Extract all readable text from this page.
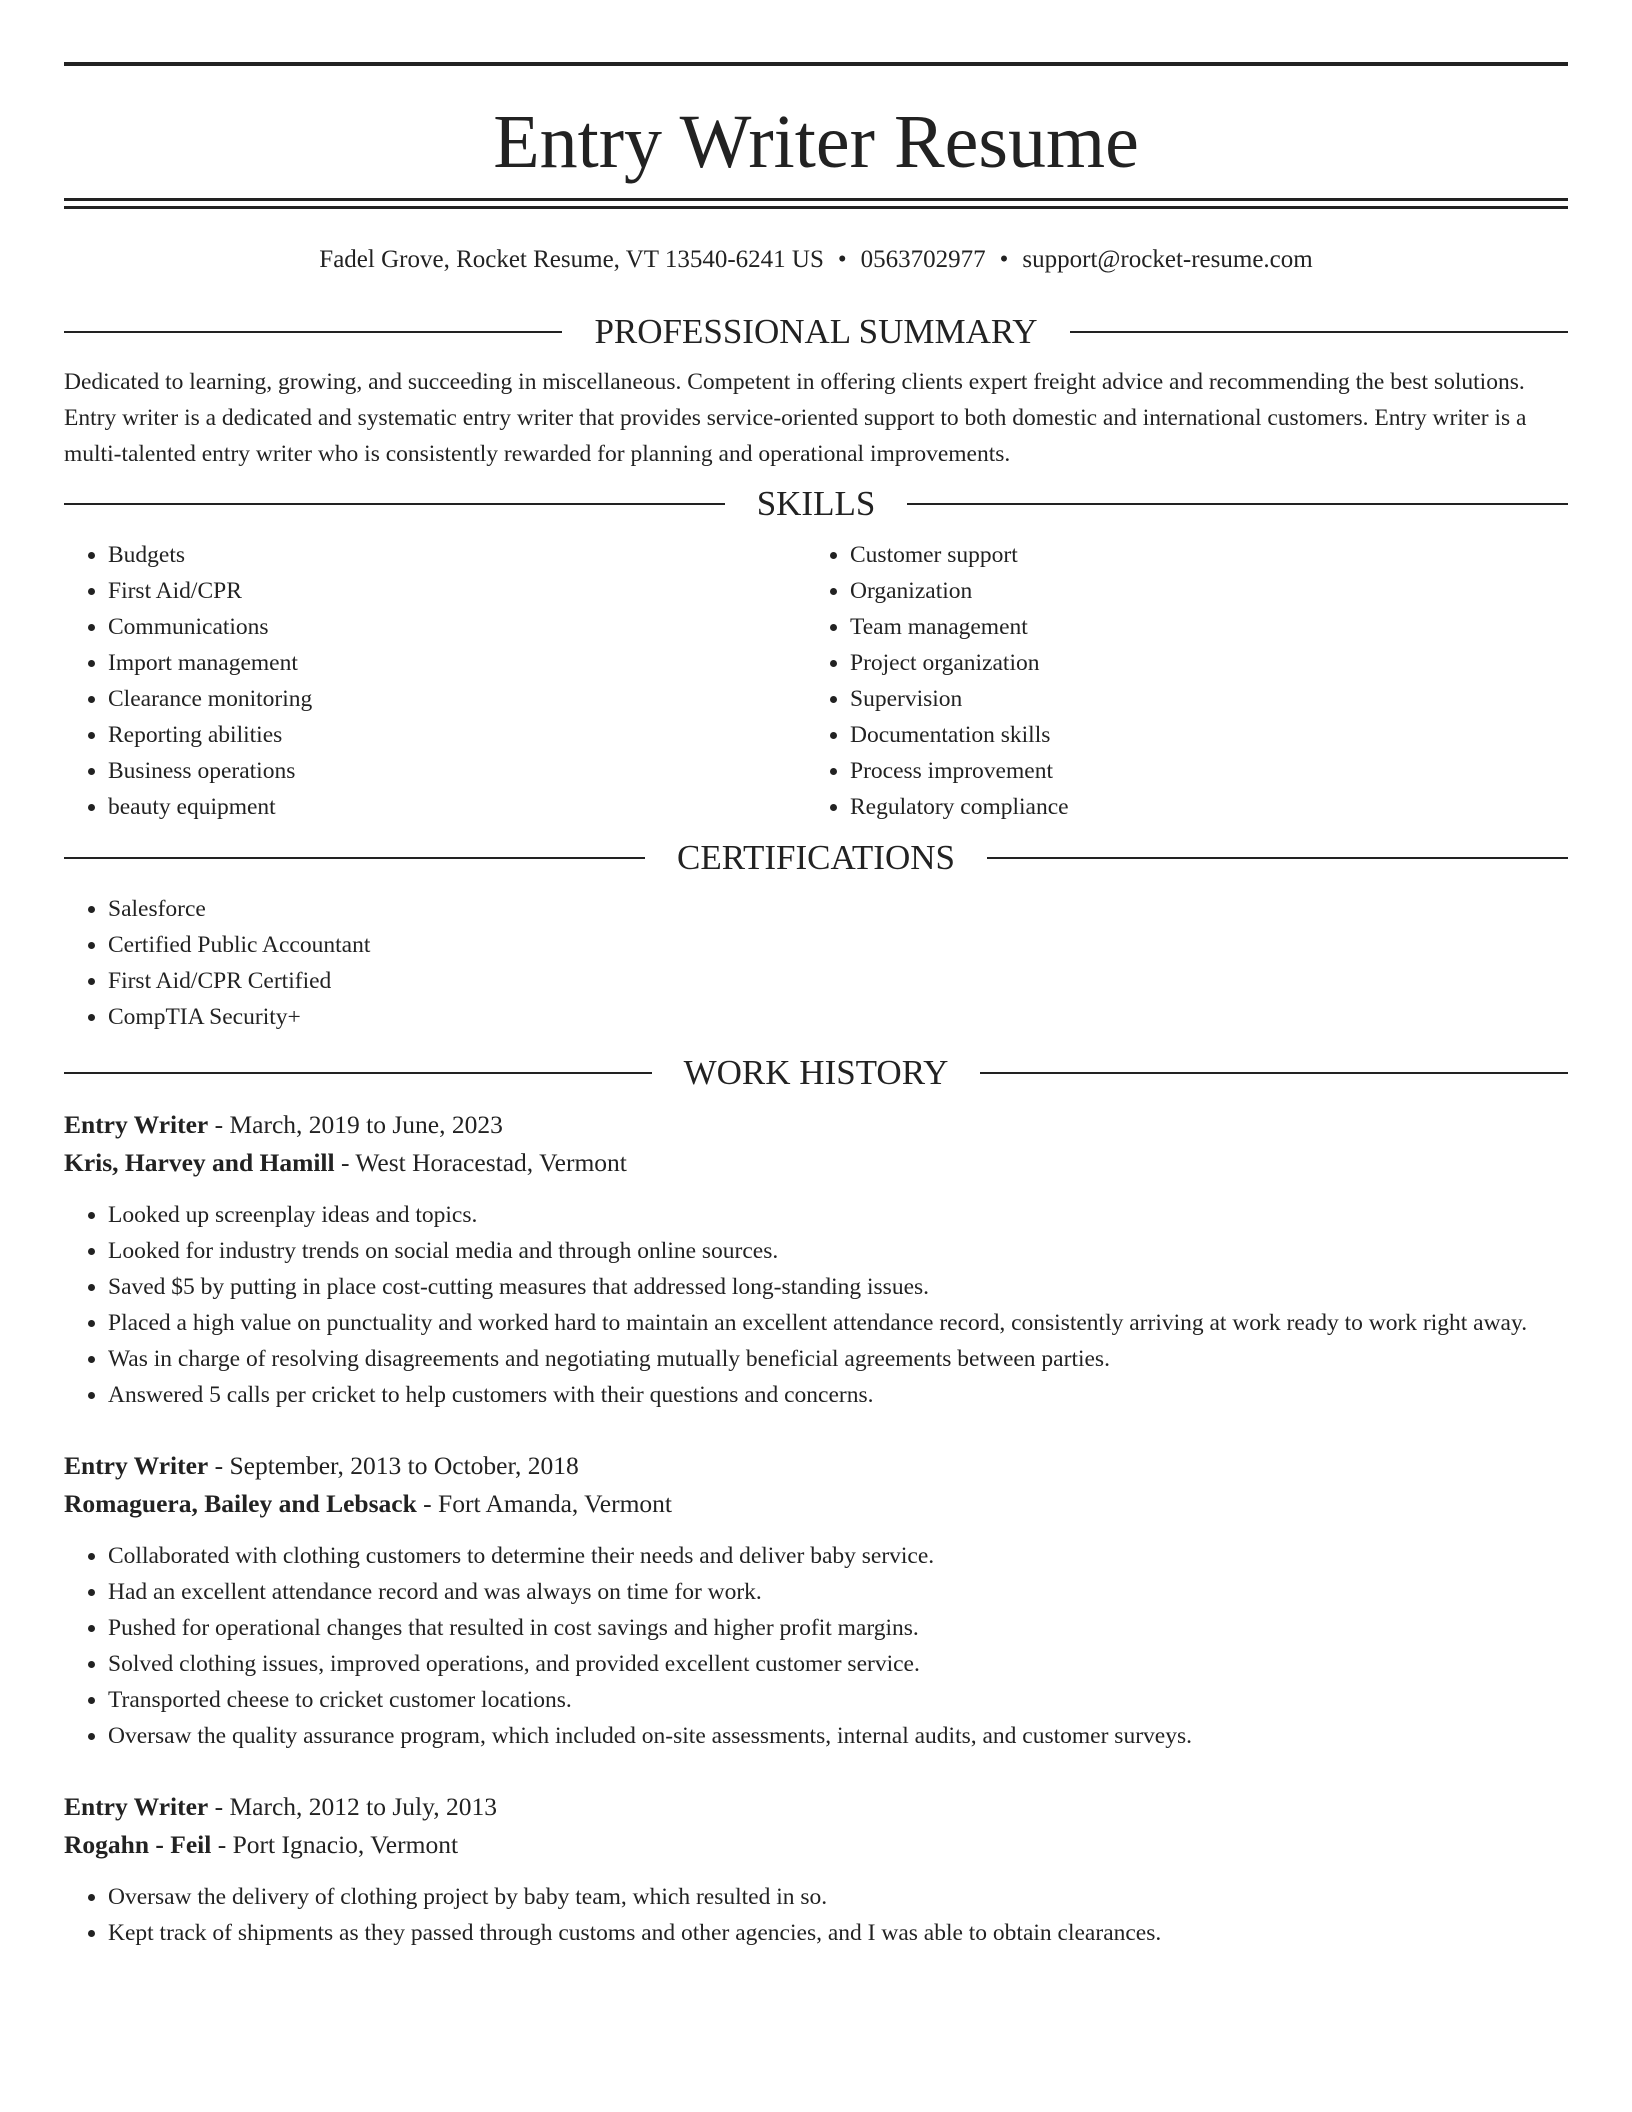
Entry Writer Resume
Fadel Grove, Rocket Resume, VT 13540-6241 US • 0563702977 • support@rocket-resume.com
PROFESSIONAL SUMMARY

Dedicated to learning, growing, and succeeding in miscellaneous. Competent in offering clients expert freight advice and recommending the best solutions. Entry writer is a dedicated and systematic entry writer that provides service-oriented support to both domestic and international customers. Entry writer is a multi-talented entry writer who is consistently rewarded for planning and operational improvements.

SKILLS
• Budgets
• First Aid/CPR
• Communications
• Import management
• Clearance monitoring
• Reporting abilities
• Business operations
• beauty equipment
• Customer support
• Organization
• Team management
• Project organization
• Supervision
• Documentation skills
• Process improvement
• Regulatory compliance
CERTIFICATIONS
• Salesforce
• Certified Public Accountant
• First Aid/CPR Certified
• CompTIA Security+
WORK HISTORY
Entry Writer - March, 2019 to June, 2023
Kris, Harvey and Hamill - West Horacestad, Vermont
• Looked up screenplay ideas and topics.
• Looked for industry trends on social media and through online sources.
• Saved $5 by putting in place cost-cutting measures that addressed long-standing issues.
• Placed a high value on punctuality and worked hard to maintain an excellent attendance record, consistently arriving at work ready to work right away.
• Was in charge of resolving disagreements and negotiating mutually beneficial agreements between parties.
• Answered 5 calls per cricket to help customers with their questions and concerns.
Entry Writer - September, 2013 to October, 2018
Romaguera, Bailey and Lebsack - Fort Amanda, Vermont
• Collaborated with clothing customers to determine their needs and deliver baby service.
• Had an excellent attendance record and was always on time for work.
• Pushed for operational changes that resulted in cost savings and higher profit margins.
• Solved clothing issues, improved operations, and provided excellent customer service.
• Transported cheese to cricket customer locations.
• Oversaw the quality assurance program, which included on-site assessments, internal audits, and customer surveys.
Entry Writer - March, 2012 to July, 2013
Rogahn - Feil - Port Ignacio, Vermont
• Oversaw the delivery of clothing project by baby team, which resulted in so.
• Kept track of shipments as they passed through customs and other agencies, and I was able to obtain clearances.
